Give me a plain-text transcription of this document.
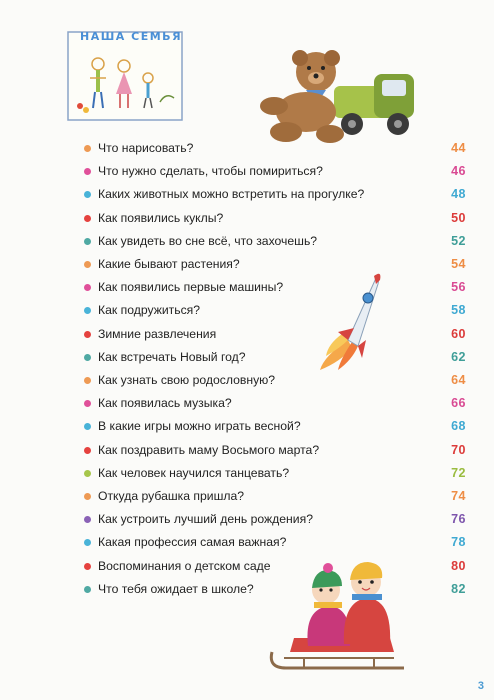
НАША СЕМЬЯ
Что нарисовать?	44
Что нужно сделать, чтобы помириться?	46
Каких животных можно встретить на прогулке?	48
Как появились куклы?	50
Как увидеть во сне всё, что захочешь?	52
Какие бывают растения?	54
Как появились первые машины?	56
Как подружиться?	58
Зимние развлечения	60
Как встречать Новый год?	62
Как узнать свою родословную?	64
Как появилась музыка?	66
В какие игры можно играть весной?	68
Как поздравить маму Восьмого марта?	70
Как человек научился танцевать?	72
Откуда рубашка пришла?	74
Как устроить лучший день рождения?	76
Какая профессия самая важная?	78
Воспоминания о детском саде	80
Что тебя ожидает в школе?	82
3
